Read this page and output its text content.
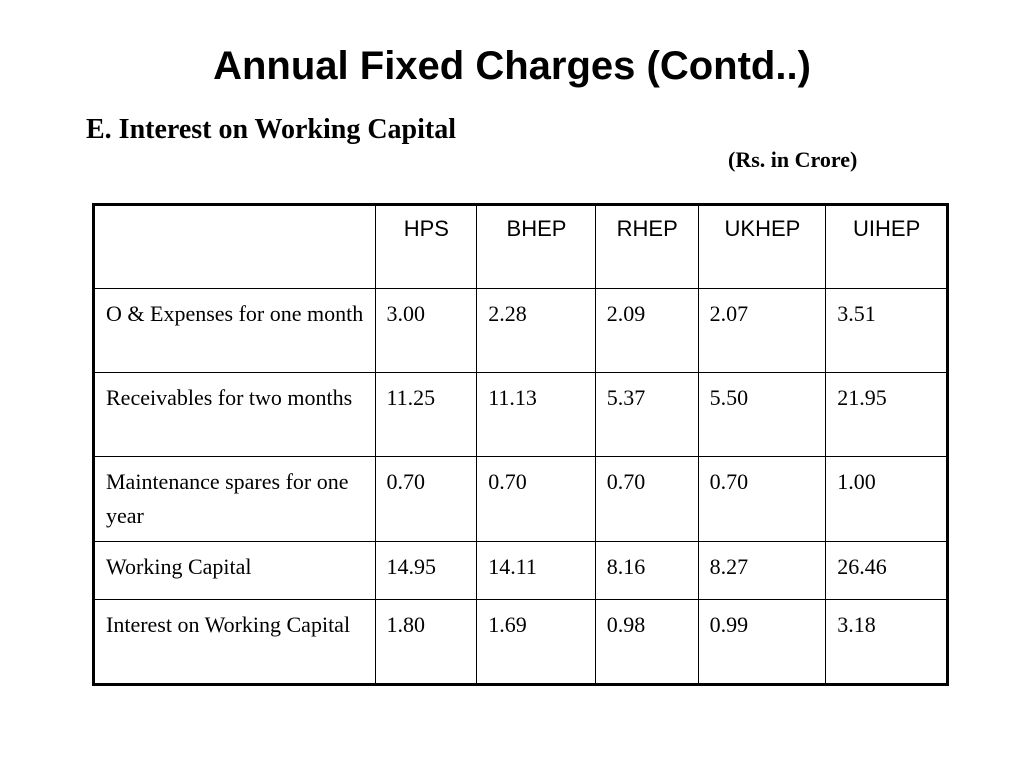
Annual Fixed Charges (Contd..)
E. Interest on Working Capital
(Rs. in Crore)
	HPS	BHEP	RHEP	UKHEP	UIHEP
O & Expenses for one month	3.00	2.28	2.09	2.07	3.51
Receivables for two months	11.25	11.13	5.37	5.50	21.95
Maintenance spares for one year	0.70	0.70	0.70	0.70	1.00
Working Capital	14.95	14.11	8.16	8.27	26.46
Interest on Working Capital	1.80	1.69	0.98	0.99	3.18
